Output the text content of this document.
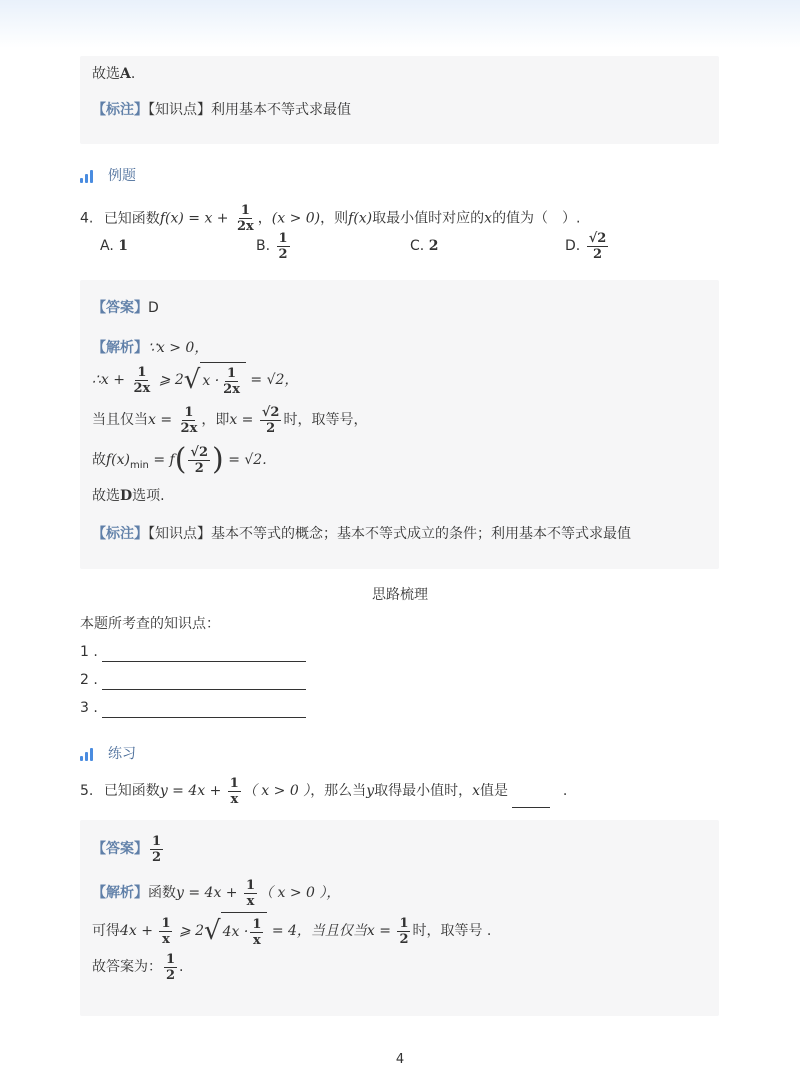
故选A.
【标注】【知识点】利用基本不等式求最值
例题
4. 已知函数$f(x) = x + \frac{1}{2x}$ ，(x > 0)，则f(x)取最小值时对应的x的值为（　）.
A. 1	B. $\frac{1}{2}$	C. 2	D. $\frac{√2}{2}$
【答案】D
【解析】∵x > 0，
∴x + $\frac{1}{2x}$ ⩾ 2 √ $x \cdot \frac{1}{2x} = √2$，
当且仅当$x = \frac{1}{2x}$ ，即$x = \frac{√2}{2}$ 时，取等号，
故$f(x)_{min} = f( \frac{√2}{2}$ ) = √2.
故选D选项.
【标注】【知识点】基本不等式的概念；基本不等式成立的条件；利用基本不等式求最值
思路梳理
本题所考查的知识点：
1 .
2 .
3 .
练习
5. 已知函数$y = 4x + \frac{1}{x}$ （ x > 0 ），那么当y取得最小值时，x值是	.
【答案】 $\frac{1}{2}$
【解析】函数$y = 4x + \frac{1}{x}$ （ x > 0 ），
可得$4x + \frac{1}{x}$ ⩾ 2 √ $4x \cdot \frac{1}{x} = 4$，当且仅当$x = \frac{1}{2}$ 时，取等号 .
故答案为： $\frac{1}{2}$ .
4
